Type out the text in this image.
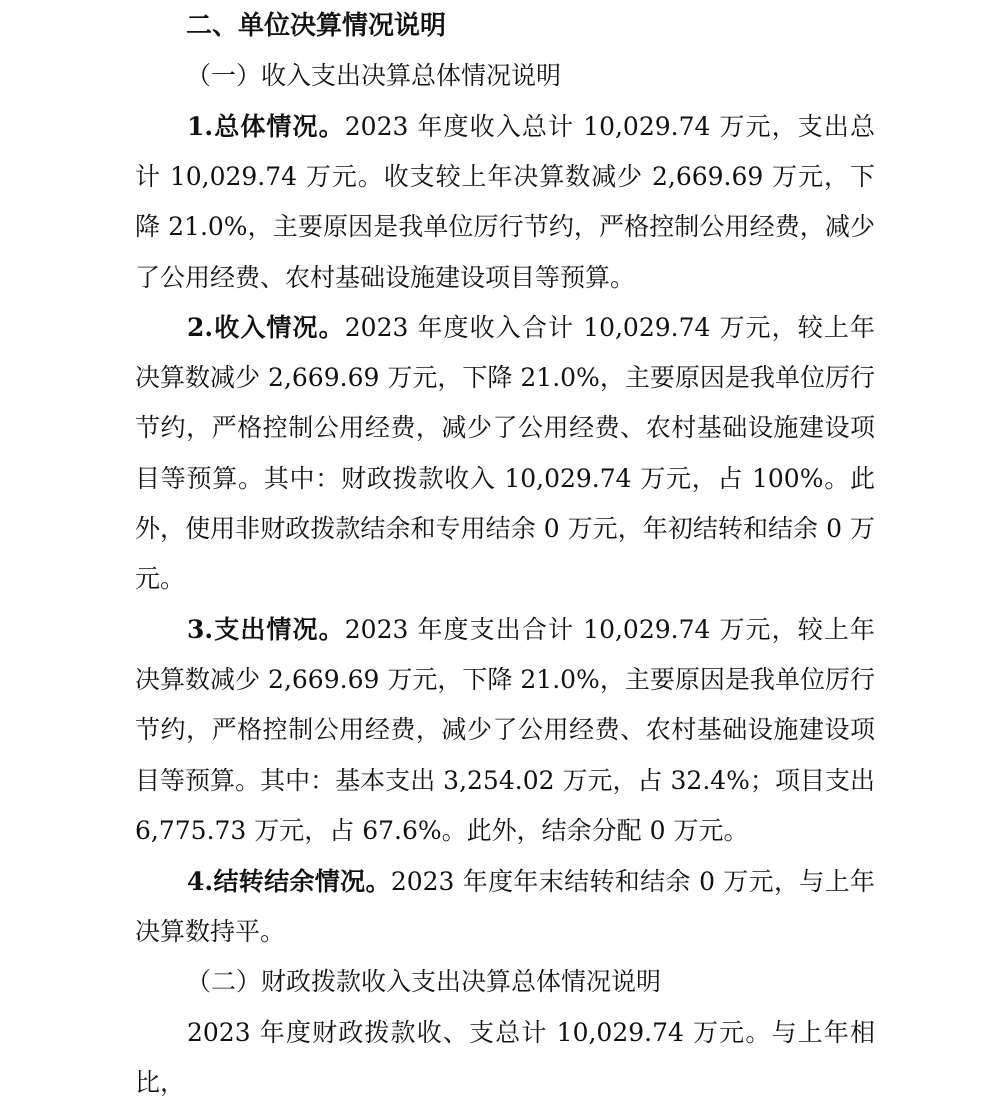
二、单位决算情况说明
（一）收入支出决算总体情况说明
1.总体情况。2023 年度收入总计 10,029.74 万元，支出总计 10,029.74 万元。收支较上年决算数减少 2,669.69 万元，下降 21.0%，主要原因是我单位厉行节约，严格控制公用经费，减少了公用经费、农村基础设施建设项目等预算。
2.收入情况。2023 年度收入合计 10,029.74 万元，较上年决算数减少 2,669.69 万元，下降 21.0%，主要原因是我单位厉行节约，严格控制公用经费，减少了公用经费、农村基础设施建设项目等预算。其中：财政拨款收入 10,029.74 万元，占 100%。此外，使用非财政拨款结余和专用结余 0 万元，年初结转和结余 0 万元。
3.支出情况。2023 年度支出合计 10,029.74 万元，较上年决算数减少 2,669.69 万元，下降 21.0%，主要原因是我单位厉行节约，严格控制公用经费，减少了公用经费、农村基础设施建设项目等预算。其中：基本支出 3,254.02 万元，占 32.4%；项目支出 6,775.73 万元，占 67.6%。此外，结余分配 0 万元。
4.结转结余情况。2023 年度年末结转和结余 0 万元，与上年决算数持平。
（二）财政拨款收入支出决算总体情况说明
2023 年度财政拨款收、支总计 10,029.74 万元。与上年相比，
